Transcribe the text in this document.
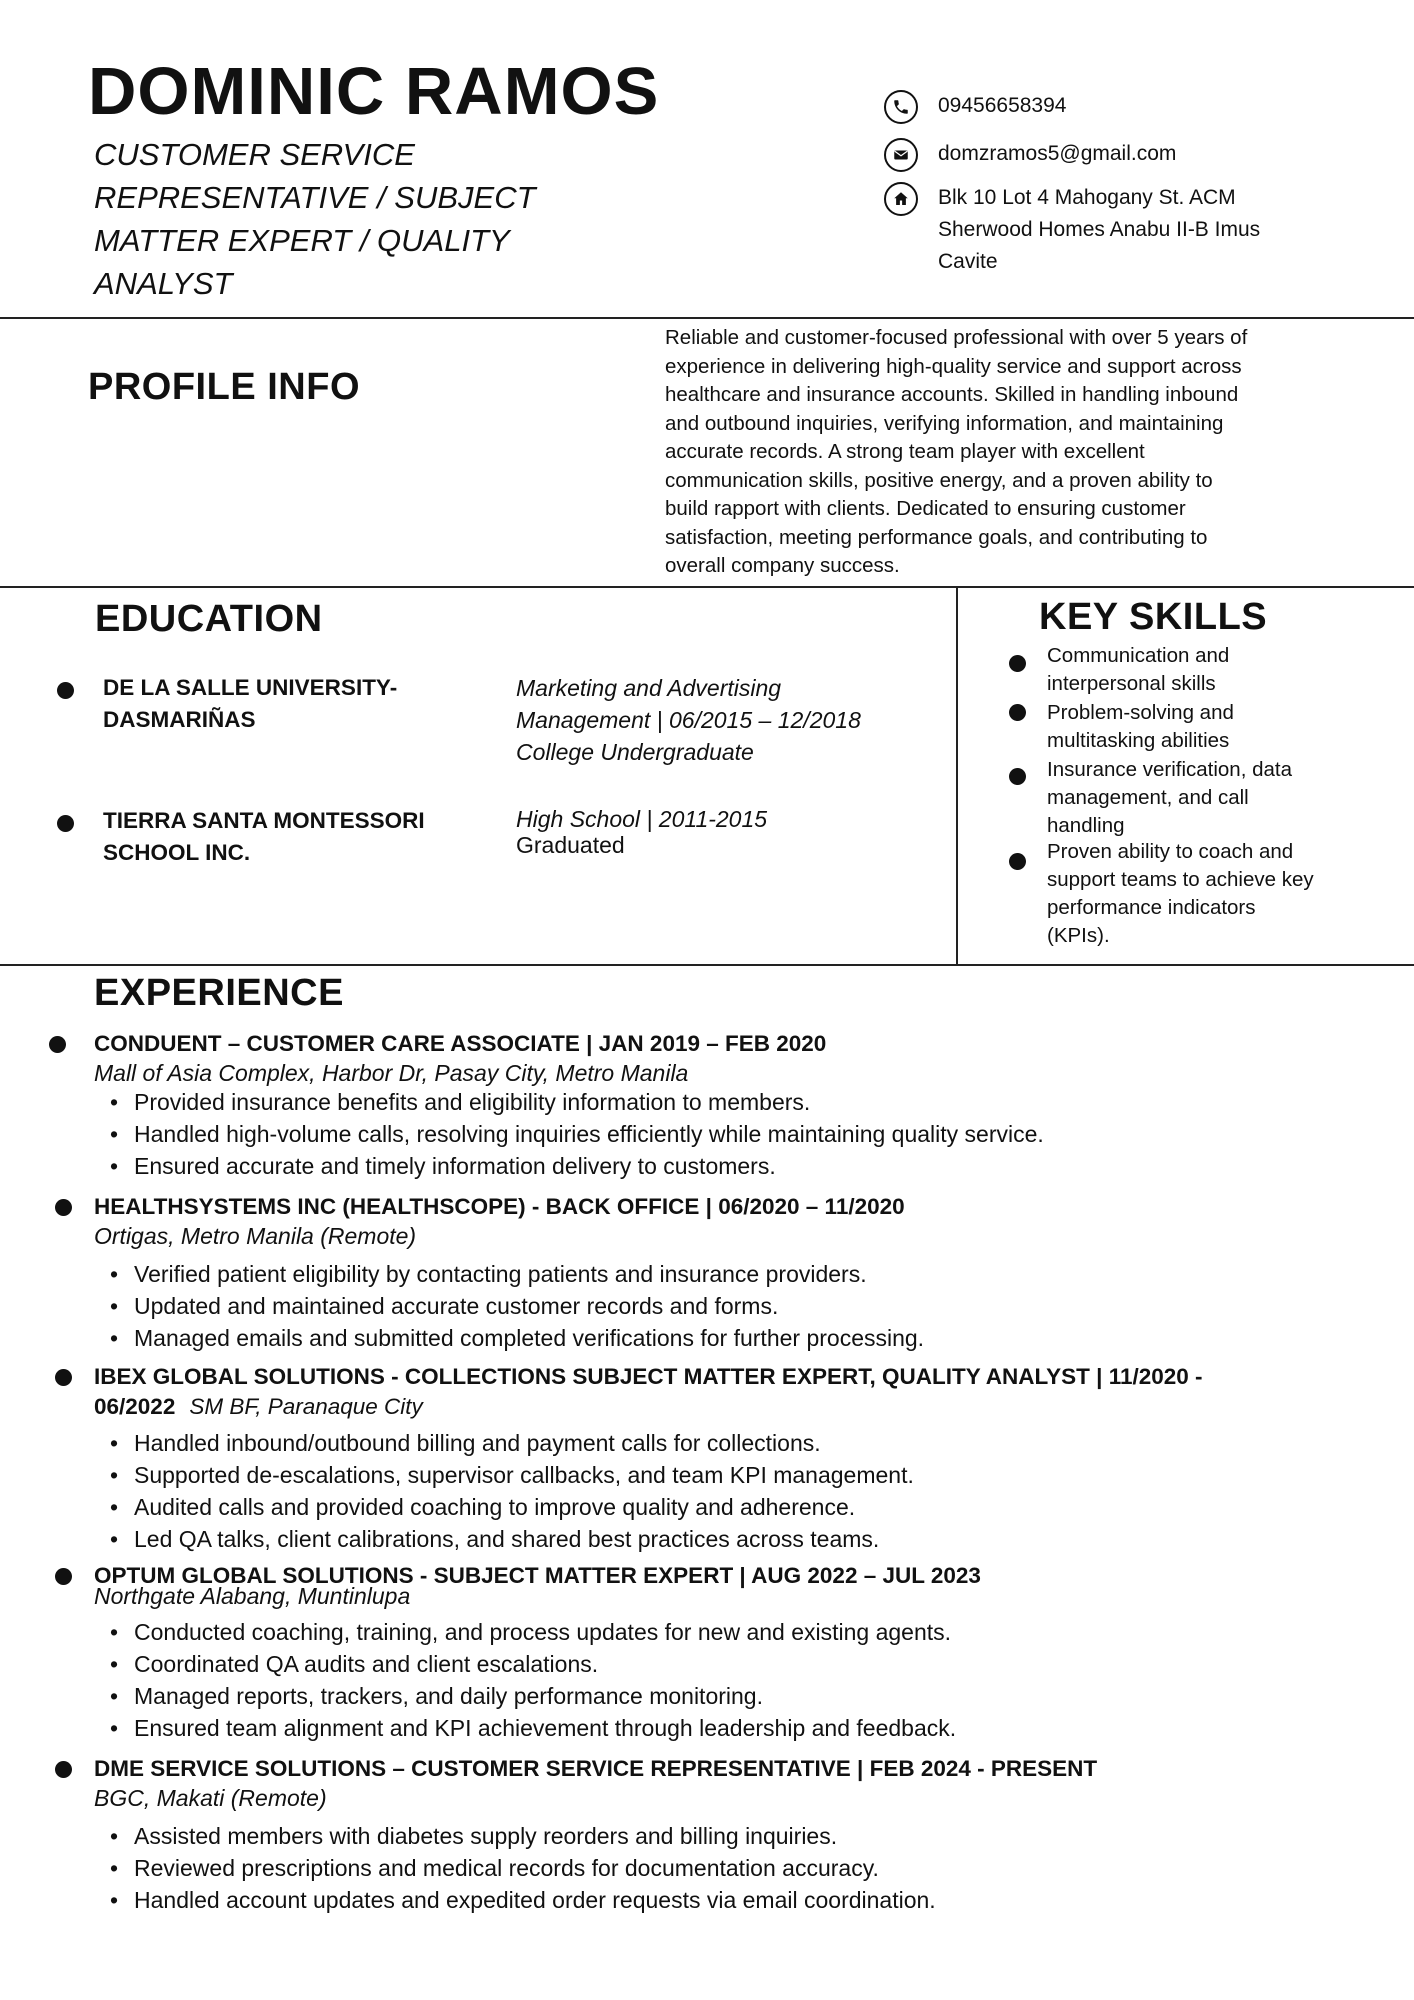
DOMINIC RAMOS
CUSTOMER SERVICE
REPRESENTATIVE / SUBJECT
MATTER EXPERT / QUALITY
ANALYST
09456658394
domzramos5@gmail.com
Blk 10 Lot 4 Mahogany St. ACM
Sherwood Homes Anabu II-B Imus
Cavite
PROFILE INFO
Reliable and customer-focused professional with over 5 years of
experience in delivering high-quality service and support across
healthcare and insurance accounts. Skilled in handling inbound
and outbound inquiries, verifying information, and maintaining
accurate records. A strong team player with excellent
communication skills, positive energy, and a proven ability to
build rapport with clients. Dedicated to ensuring customer
satisfaction, meeting performance goals, and contributing to
overall company success.
EDUCATION
DE LA SALLE UNIVERSITY-
DASMARIÑAS
Marketing and Advertising
Management | 06/2015 – 12/2018
College Undergraduate
TIERRA SANTA MONTESSORI
SCHOOL INC.
High School | 2011-2015
Graduated
KEY SKILLS
Communication and
interpersonal skills
Problem-solving and
multitasking abilities
Insurance verification, data
management, and call
handling
Proven ability to coach and
support teams to achieve key
performance indicators
(KPIs).
EXPERIENCE
CONDUENT – CUSTOMER CARE ASSOCIATE | JAN 2019 – FEB 2020
Mall of Asia Complex, Harbor Dr, Pasay City, Metro Manila
• Provided insurance benefits and eligibility information to members.
• Handled high-volume calls, resolving inquiries efficiently while maintaining quality service.
• Ensured accurate and timely information delivery to customers.
HEALTHSYSTEMS INC (HEALTHSCOPE) - BACK OFFICE | 06/2020 – 11/2020
Ortigas, Metro Manila (Remote)
• Verified patient eligibility by contacting patients and insurance providers.
• Updated and maintained accurate customer records and forms.
• Managed emails and submitted completed verifications for further processing.
IBEX GLOBAL SOLUTIONS - COLLECTIONS SUBJECT MATTER EXPERT, QUALITY ANALYST | 11/2020 -
06/2022 SM BF, Paranaque City
• Handled inbound/outbound billing and payment calls for collections.
• Supported de-escalations, supervisor callbacks, and team KPI management.
• Audited calls and provided coaching to improve quality and adherence.
• Led QA talks, client calibrations, and shared best practices across teams.
OPTUM GLOBAL SOLUTIONS - SUBJECT MATTER EXPERT | AUG 2022 – JUL 2023
Northgate Alabang, Muntinlupa
• Conducted coaching, training, and process updates for new and existing agents.
• Coordinated QA audits and client escalations.
• Managed reports, trackers, and daily performance monitoring.
• Ensured team alignment and KPI achievement through leadership and feedback.
DME SERVICE SOLUTIONS – CUSTOMER SERVICE REPRESENTATIVE | FEB 2024 - PRESENT
BGC, Makati (Remote)
• Assisted members with diabetes supply reorders and billing inquiries.
• Reviewed prescriptions and medical records for documentation accuracy.
• Handled account updates and expedited order requests via email coordination.
